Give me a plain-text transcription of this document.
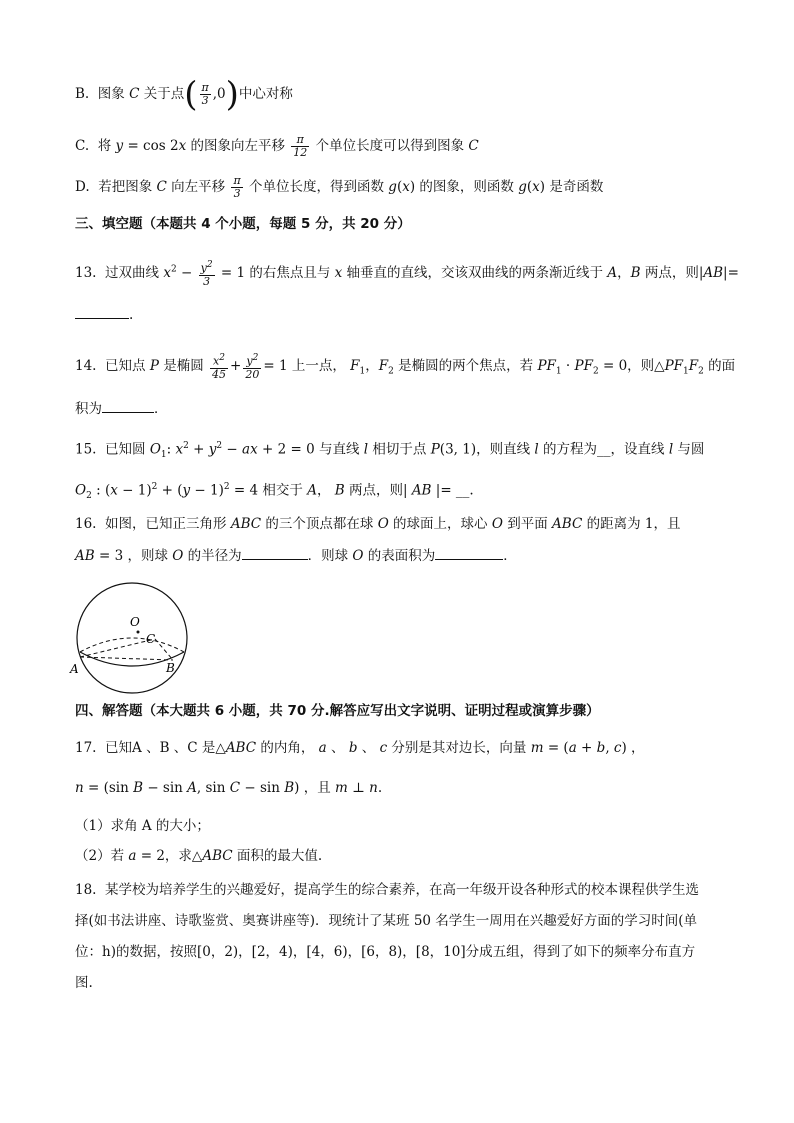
B.  图象 C 关于点( $\frac{\pi}{3} ,0$)中心对称
C.  将 y = cos 2x 的图象向左平移 $\frac{\pi}{12}$ 个单位长度可以得到图象 C
D.  若把图象 C 向左平移 $\frac{\pi}{3}$ 个单位长度，得到函数 g(x) 的图象，则函数 g(x) 是奇函数
三、填空题（本题共 4 个小题，每题 5 分，共 20 分）
13.  过双曲线 $x^2 - \frac{y^2}{3} = 1$ 的右焦点且与 x 轴垂直的直线，交该双曲线的两条渐近线于 A，B 两点，则|AB|=
.
14.  已知点 P 是椭圆 $\frac{x^2}{45} + \frac{y^2}{20} = 1$ 上一点， $F_1$，$F_2$ 是椭圆的两个焦点，若 $PF_1 \cdot PF_2 = 0$，则$\triangle PF_1F_2$ 的面
积为	．
15.  已知圆 $O_1$: $x^2 + y^2$ − ax + 2 = 0 与直线 l 相切于点 P(3, 1)，则直线 l 的方程为__，设直线 l 与圆
$O_2$ : $(x - 1)^2 + (y - 1)^2 = 4$ 相交于 A， B 两点，则| AB |= __.
16.  如图，已知正三角形 ABC 的三个顶点都在球 O 的球面上，球心 O 到平面 ABC 的距离为 1，且
AB = 3 ，则球 O 的半径为	．则球 O 的表面积为	．
O
C
A	B
四、解答题（本大题共 6 小题，共 70 分.解答应写出文字说明、证明过程或演算步骤）
17.  已知A 、B 、C 是△ABC 的内角， a 、 b 、 c 分别是其对边长，向量 m = (a + b, c) ，
n = (sin B − sin A, sin C − sin B) ，且 m ⊥ n.
（1）求角 A 的大小；
（2）若 a = 2，求△ABC 面积的最大值.
18.  某学校为培养学生的兴趣爱好，提高学生的综合素养，在高一年级开设各种形式的校本课程供学生选
择(如书法讲座、诗歌鉴赏、奥赛讲座等)．现统计了某班 50 名学生一周用在兴趣爱好方面的学习时间(单
位：h)的数据，按照[0，2)，[2，4)，[4，6)，[6，8)，[8，10]分成五组，得到了如下的频率分布直方
图.
